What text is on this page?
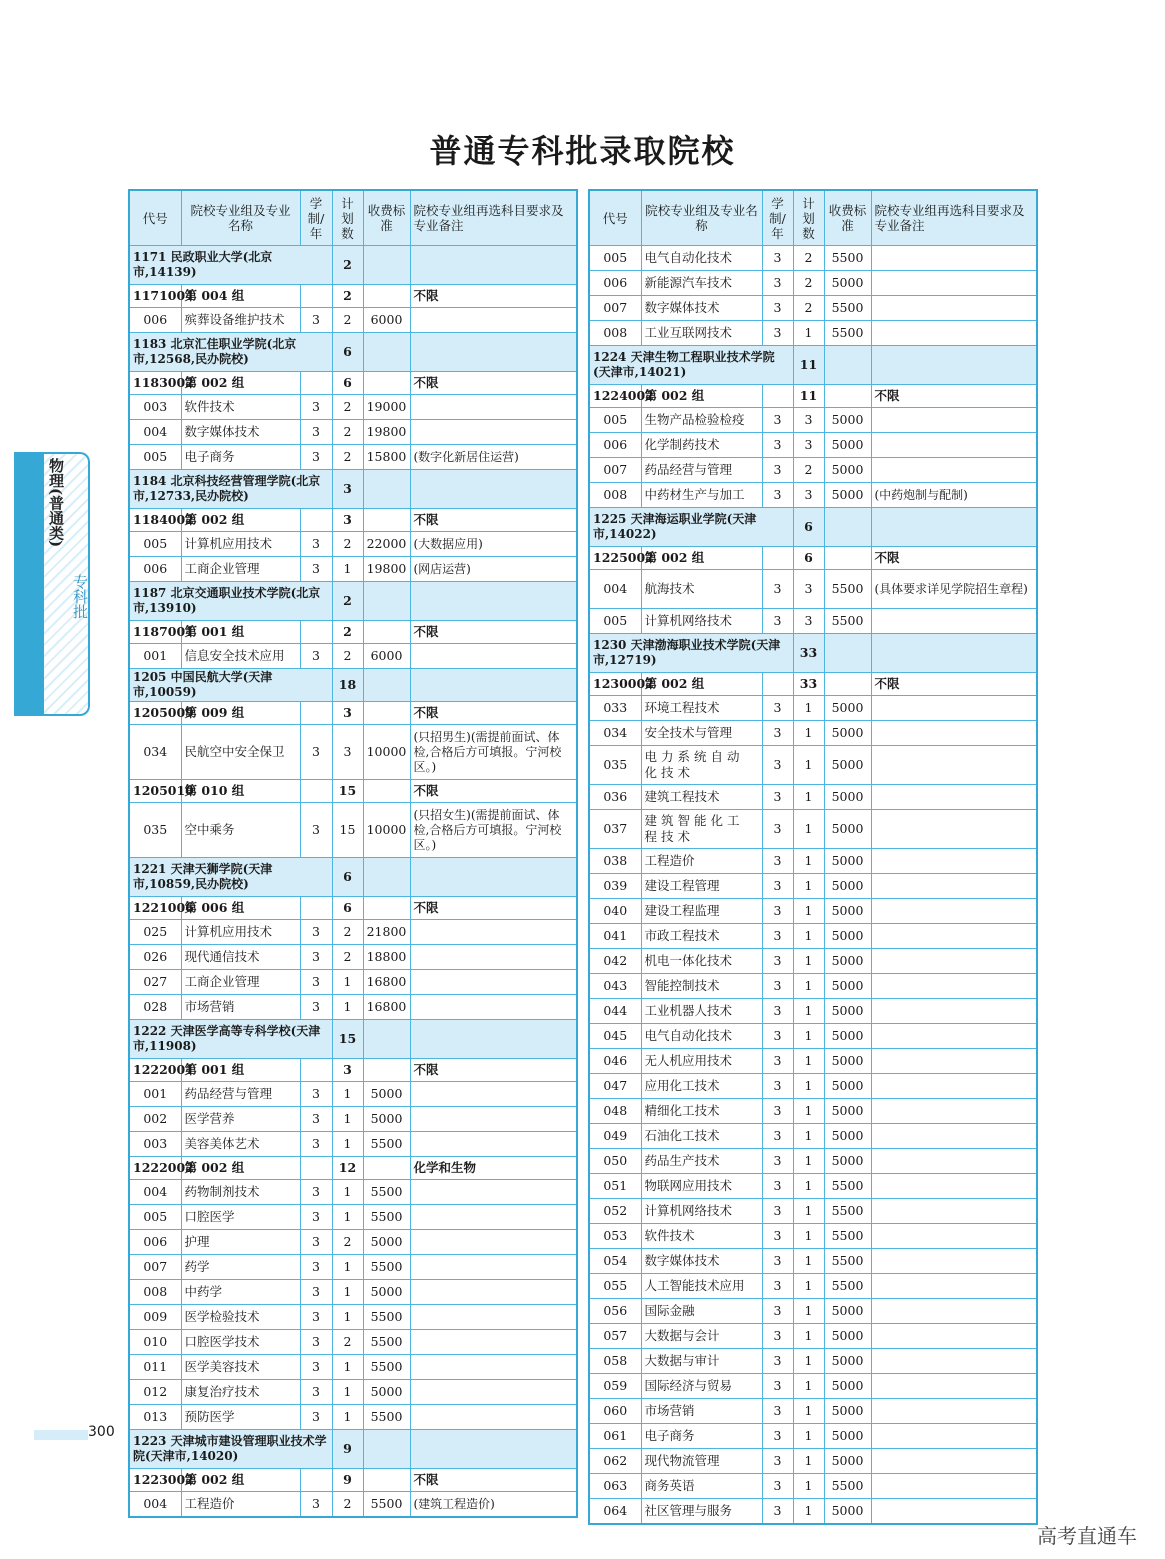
普通专科批录取院校
代号	院校专业组及专业名称	学制/年	计划数	收费标准	院校专业组再选科目要求及专业备注
1171 民政职业大学(北京市,14139)			2		
1171004	第 004 组		2		不限
006	殡葬设备维护技术	3	2	6000	
1183 北京汇佳职业学院(北京市,12568,民办院校)			6		
1183002	第 002 组		6		不限
003	软件技术	3	2	19000	
004	数字媒体技术	3	2	19800	
005	电子商务	3	2	15800	(数字化新居住运营)
1184 北京科技经营管理学院(北京市,12733,民办院校)			3		
1184002	第 002 组		3		不限
005	计算机应用技术	3	2	22000	(大数据应用)
006	工商企业管理	3	1	19800	(网店运营)
1187 北京交通职业技术学院(北京市,13910)			2		
1187001	第 001 组		2		不限
001	信息安全技术应用	3	2	6000	
1205 中国民航大学(天津市,10059)			18		
1205009	第 009 组		3		不限
034	民航空中安全保卫	3	3	10000	(只招男生)(需提前面试、体检,合格后方可填报。宁河校区。)
1205010	第 010 组		15		不限
035	空中乘务	3	15	10000	(只招女生)(需提前面试、体检,合格后方可填报。宁河校区。)
1221 天津天狮学院(天津市,10859,民办院校)			6		
1221006	第 006 组		6		不限
025	计算机应用技术	3	2	21800	
026	现代通信技术	3	2	18800	
027	工商企业管理	3	1	16800	
028	市场营销	3	1	16800	
1222 天津医学高等专科学校(天津市,11908)			15		
1222001	第 001 组		3		不限
001	药品经营与管理	3	1	5000	
002	医学营养	3	1	5000	
003	美容美体艺术	3	1	5500	
1222002	第 002 组		12		化学和生物
004	药物制剂技术	3	1	5500	
005	口腔医学	3	1	5500	
006	护理	3	2	5000	
007	药学	3	1	5500	
008	中药学	3	1	5000	
009	医学检验技术	3	1	5500	
010	口腔医学技术	3	2	5500	
011	医学美容技术	3	1	5500	
012	康复治疗技术	3	1	5000	
013	预防医学	3	1	5500	
1223 天津城市建设管理职业技术学院(天津市,14020)			9		
1223002	第 002 组		9		不限
004	工程造价	3	2	5500	(建筑工程造价)
代号	院校专业组及专业名称	学制/年	计划数	收费标准	院校专业组再选科目要求及专业备注
005	电气自动化技术	3	2	5500	
006	新能源汽车技术	3	2	5000	
007	数字媒体技术	3	2	5500	
008	工业互联网技术	3	1	5500	
1224 天津生物工程职业技术学院(天津市,14021)			11		
1224002	第 002 组		11		不限
005	生物产品检验检疫	3	3	5000	
006	化学制药技术	3	3	5000	
007	药品经营与管理	3	2	5000	
008	中药材生产与加工	3	3	5000	(中药炮制与配制)
1225 天津海运职业学院(天津市,14022)			6		
1225002	第 002 组		6		不限
004	航海技术	3	3	5500	(具体要求详见学院招生章程)
005	计算机网络技术	3	3	5500	
1230 天津渤海职业技术学院(天津市,12719)			33		
1230002	第 002 组		33		不限
033	环境工程技术	3	1	5000	
034	安全技术与管理	3	1	5000	
035	电力系统自动化技术	3	1	5000	
036	建筑工程技术	3	1	5000	
037	建筑智能化工程技术	3	1	5000	
038	工程造价	3	1	5000	
039	建设工程管理	3	1	5000	
040	建设工程监理	3	1	5000	
041	市政工程技术	3	1	5000	
042	机电一体化技术	3	1	5000	
043	智能控制技术	3	1	5000	
044	工业机器人技术	3	1	5000	
045	电气自动化技术	3	1	5000	
046	无人机应用技术	3	1	5000	
047	应用化工技术	3	1	5000	
048	精细化工技术	3	1	5000	
049	石油化工技术	3	1	5000	
050	药品生产技术	3	1	5000	
051	物联网应用技术	3	1	5500	
052	计算机网络技术	3	1	5500	
053	软件技术	3	1	5500	
054	数字媒体技术	3	1	5500	
055	人工智能技术应用	3	1	5500	
056	国际金融	3	1	5000	
057	大数据与会计	3	1	5000	
058	大数据与审计	3	1	5000	
059	国际经济与贸易	3	1	5000	
060	市场营销	3	1	5000	
061	电子商务	3	1	5000	
062	现代物流管理	3	1	5000	
063	商务英语	3	1	5500	
064	社区管理与服务	3	1	5000	
物理(普通类)
专科批
300
高考直通车
